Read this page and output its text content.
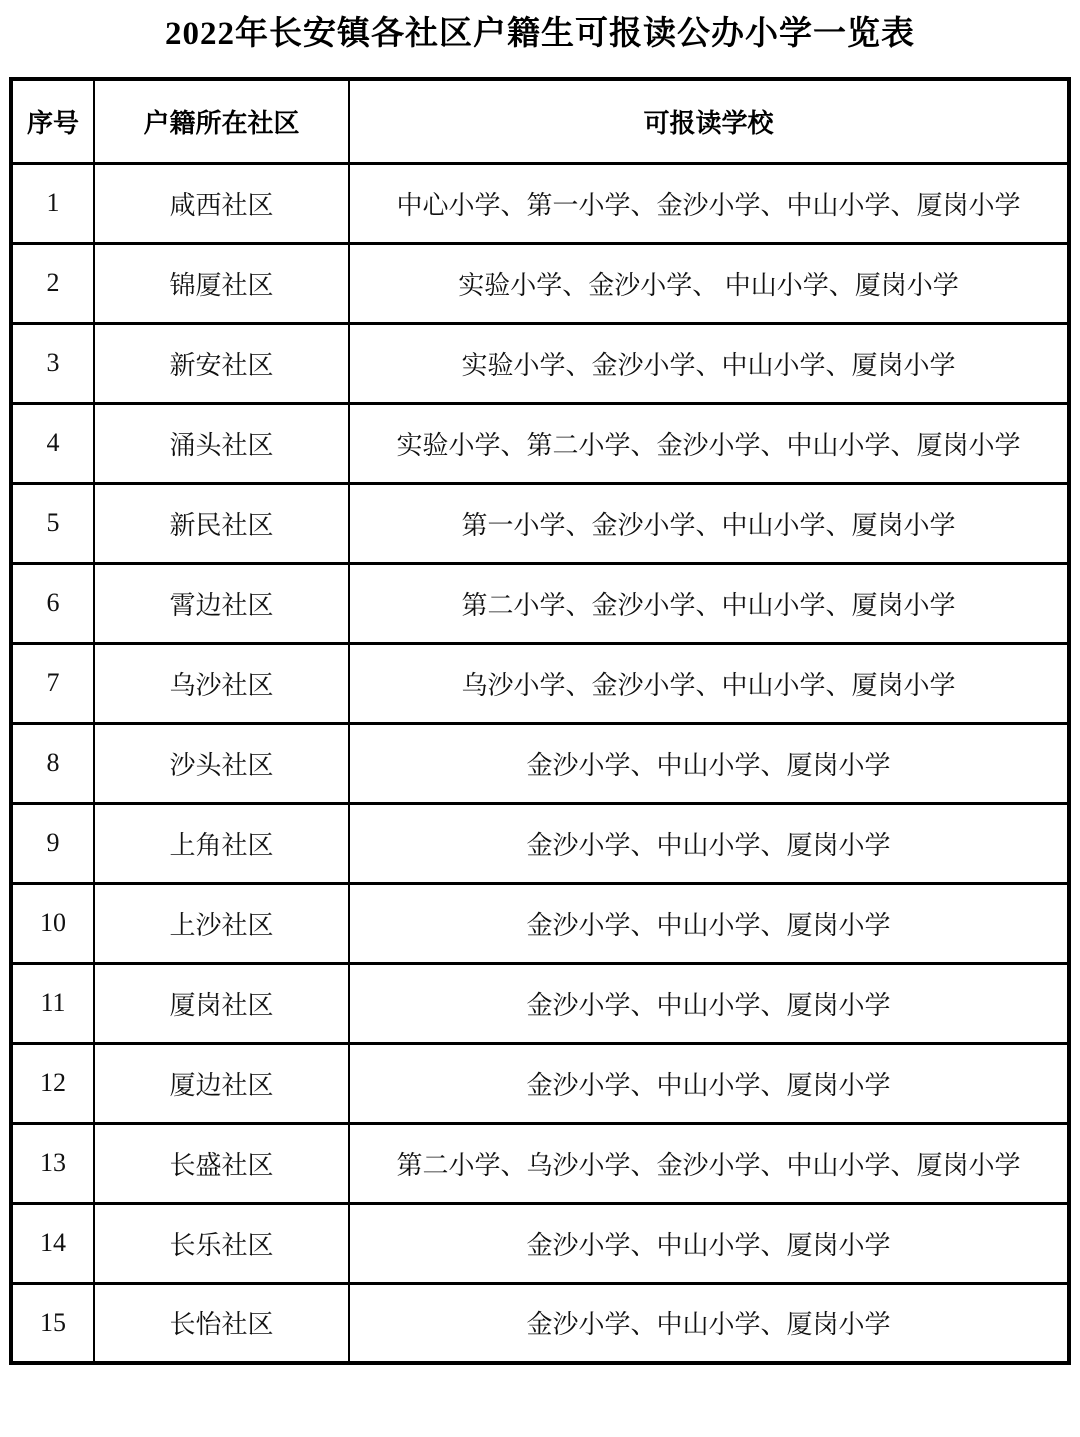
2022年长安镇各社区户籍生可报读公办小学一览表
序号	户籍所在社区	可报读学校
1	咸西社区	中心小学、第一小学、金沙小学、中山小学、厦岗小学
2	锦厦社区	实验小学、金沙小学、 中山小学、厦岗小学
3	新安社区	实验小学、金沙小学、中山小学、厦岗小学
4	涌头社区	实验小学、第二小学、金沙小学、中山小学、厦岗小学
5	新民社区	第一小学、金沙小学、中山小学、厦岗小学
6	霄边社区	第二小学、金沙小学、中山小学、厦岗小学
7	乌沙社区	乌沙小学、金沙小学、中山小学、厦岗小学
8	沙头社区	金沙小学、中山小学、厦岗小学
9	上角社区	金沙小学、中山小学、厦岗小学
10	上沙社区	金沙小学、中山小学、厦岗小学
11	厦岗社区	金沙小学、中山小学、厦岗小学
12	厦边社区	金沙小学、中山小学、厦岗小学
13	长盛社区	第二小学、乌沙小学、金沙小学、中山小学、厦岗小学
14	长乐社区	金沙小学、中山小学、厦岗小学
15	长怡社区	金沙小学、中山小学、厦岗小学
